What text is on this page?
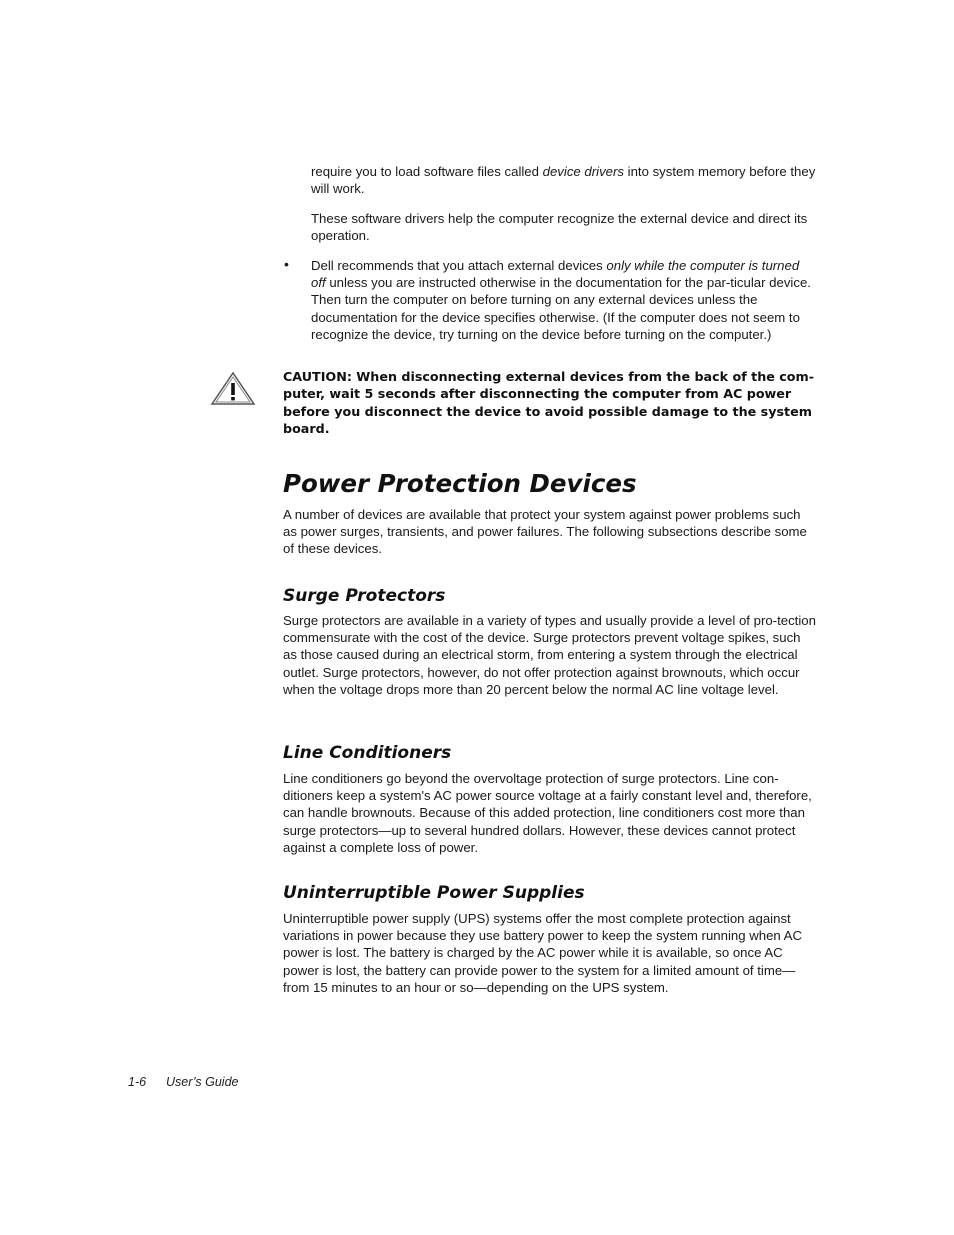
require you to load software files called device drivers into system memory before they will work.

These software drivers help the computer recognize the external device and direct its operation.

• Dell recommends that you attach external devices only while the computer is turned off unless you are instructed otherwise in the documentation for the par-ticular device. Then turn the computer on before turning on any external devices unless the documentation for the device specifies otherwise. (If the computer does not seem to recognize the device, try turning on the device before turning on the computer.)

CAUTION: When disconnecting external devices from the back of the com-puter, wait 5 seconds after disconnecting the computer from AC power before you disconnect the device to avoid possible damage to the system board.

Power Protection Devices

A number of devices are available that protect your system against power problems such as power surges, transients, and power failures. The following subsections describe some of these devices.

Surge Protectors

Surge protectors are available in a variety of types and usually provide a level of pro-tection commensurate with the cost of the device. Surge protectors prevent voltage spikes, such as those caused during an electrical storm, from entering a system through the electrical outlet. Surge protectors, however, do not offer protection against brownouts, which occur when the voltage drops more than 20 percent below the normal AC line voltage level.

Line Conditioners

Line conditioners go beyond the overvoltage protection of surge protectors. Line con-ditioners keep a system's AC power source voltage at a fairly constant level and, therefore, can handle brownouts. Because of this added protection, line conditioners cost more than surge protectors—up to several hundred dollars. However, these devices cannot protect against a complete loss of power.

Uninterruptible Power Supplies

Uninterruptible power supply (UPS) systems offer the most complete protection against variations in power because they use battery power to keep the system running when AC power is lost. The battery is charged by the AC power while it is available, so once AC power is lost, the battery can provide power to the system for a limited amount of time—from 15 minutes to an hour or so—depending on the UPS system.

1-6 User’s Guide
